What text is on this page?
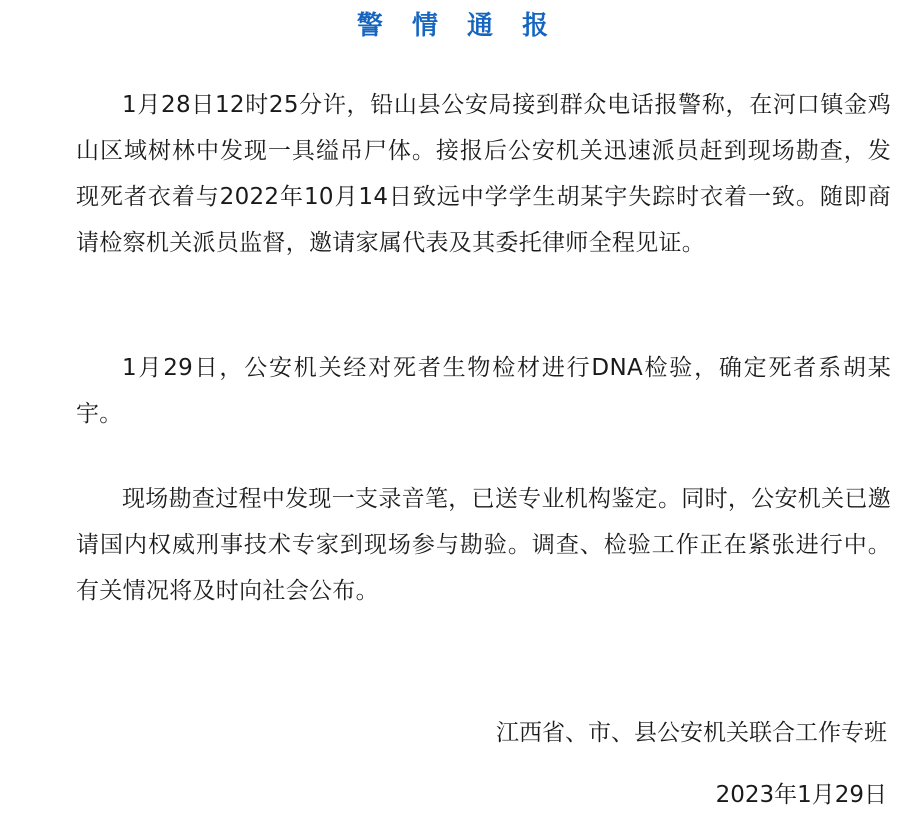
警 情 通 报

1月28日12时25分许，铅山县公安局接到群众电话报警称，在河口镇金鸡山区域树林中发现一具缢吊尸体。接报后公安机关迅速派员赶到现场勘查，发现死者衣着与2022年10月14日致远中学学生胡某宇失踪时衣着一致。随即商请检察机关派员监督，邀请家属代表及其委托律师全程见证。

1月29日，公安机关经对死者生物检材进行DNA检验，确定死者系胡某宇。

现场勘查过程中发现一支录音笔，已送专业机构鉴定。同时，公安机关已邀请国内权威刑事技术专家到现场参与勘验。调查、检验工作正在紧张进行中。有关情况将及时向社会公布。

江西省、市、县公安机关联合工作专班
2023年1月29日
